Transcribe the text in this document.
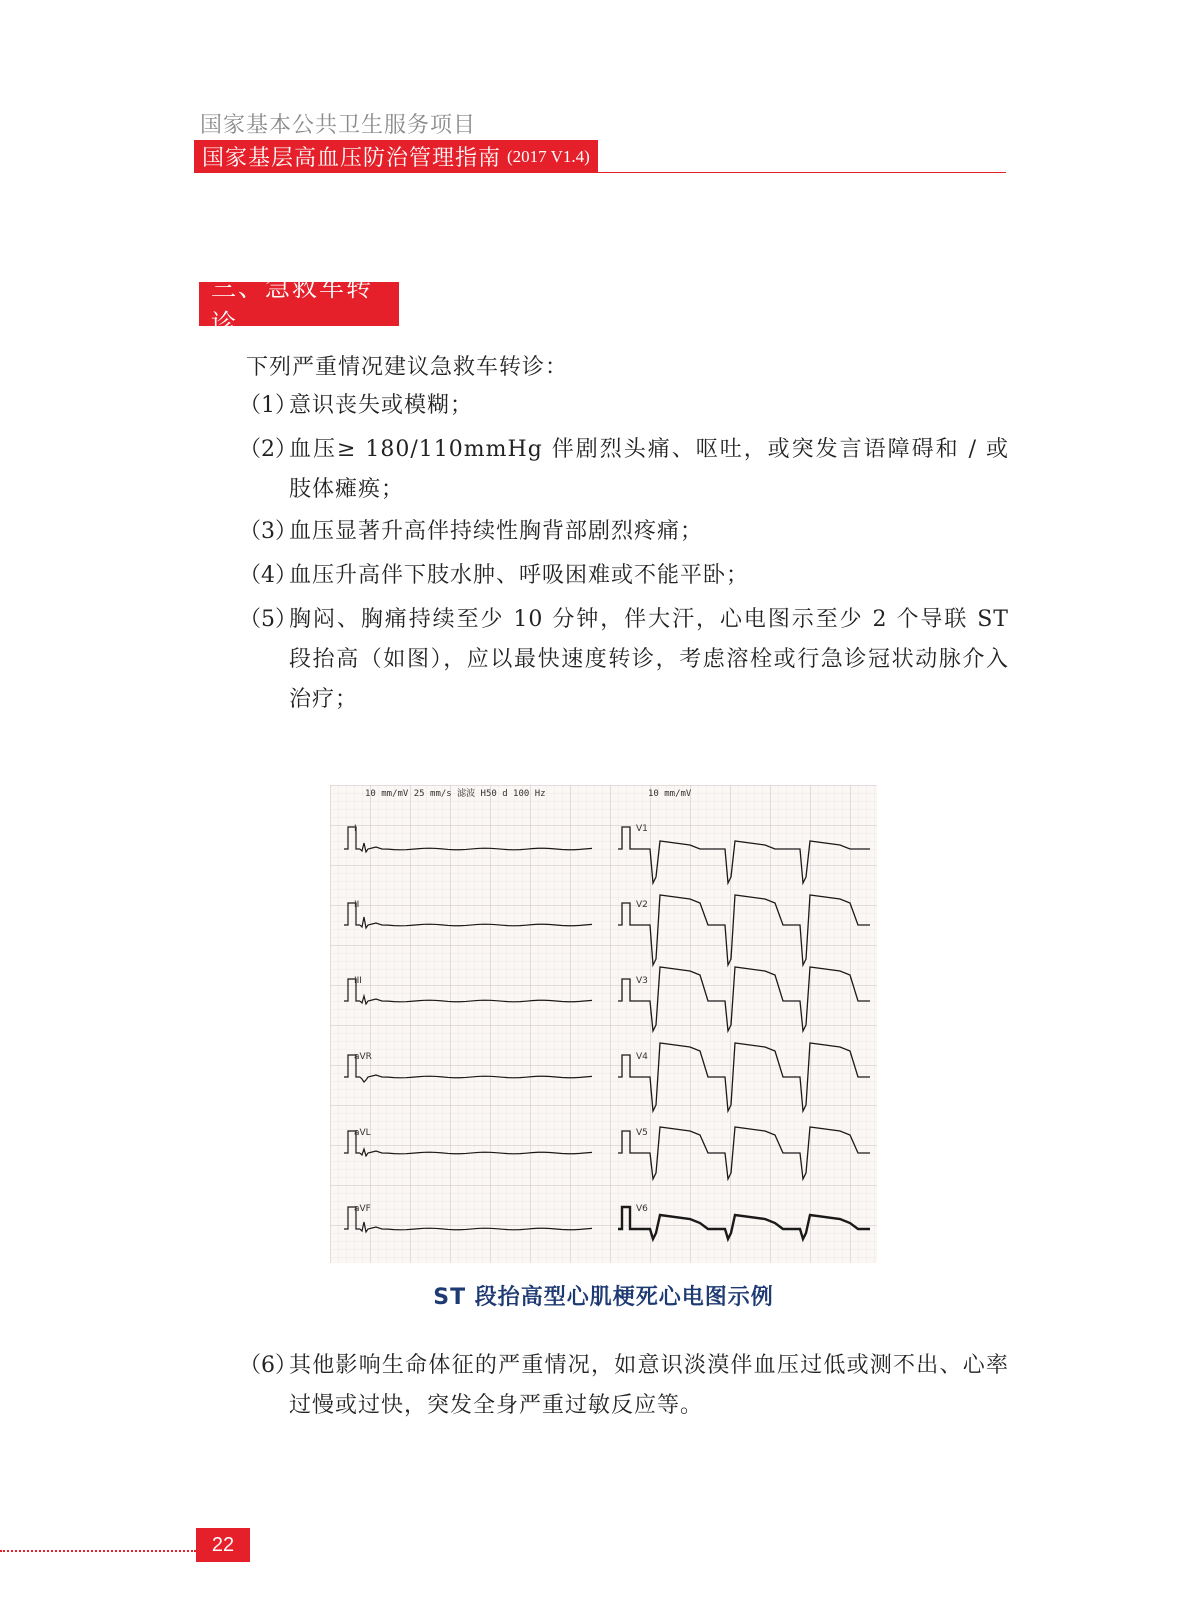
国家基本公共卫生服务项目
国家基层高血压防治管理指南 (2017 V1.4)
三、急救车转诊
下列严重情况建议急救车转诊：
（1）
意识丧失或模糊；
（2）
血压≥ 180/110mmHg 伴剧烈头痛、呕吐，或突发言语障碍和 / 或 肢体瘫痪；
（3）
血压显著升高伴持续性胸背部剧烈疼痛；
（4）
血压升高伴下肢水肿、呼吸困难或不能平卧；
（5）
胸闷、胸痛持续至少 10 分钟，伴大汗，心电图示至少 2 个导联 ST 段抬高（如图），应以最快速度转诊，考虑溶栓或行急诊冠状动脉介入治疗；
10 mm/mV 25 mm/s 滤波 H50 d 100 Hz	10 mm/mV
I	V1
II	V2
III	V3
aVR	V4
aVL	V5
aVF	V6
ST 段抬高型心肌梗死心电图示例
（6）
其他影响生命体征的严重情况，如意识淡漠伴血压过低或测不出、心率过慢或过快，突发全身严重过敏反应等。
22
